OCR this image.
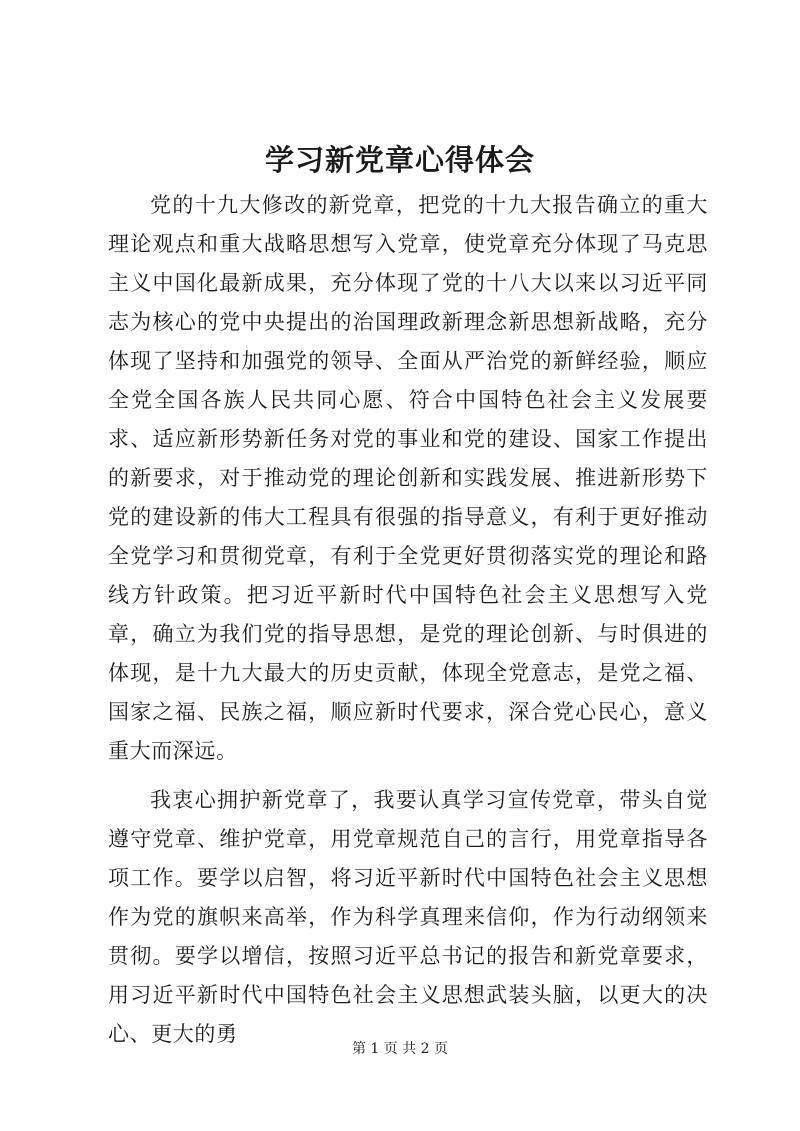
学习新党章心得体会

党的十九大修改的新党章，把党的十九大报告确立的重大理论观点和重大战略思想写入党章，使党章充分体现了马克思主义中国化最新成果，充分体现了党的十八大以来以习近平同志为核心的党中央提出的治国理政新理念新思想新战略，充分体现了坚持和加强党的领导、全面从严治党的新鲜经验，顺应全党全国各族人民共同心愿、符合中国特色社会主义发展要求、适应新形势新任务对党的事业和党的建设、国家工作提出的新要求，对于推动党的理论创新和实践发展、推进新形势下党的建设新的伟大工程具有很强的指导意义，有利于更好推动全党学习和贯彻党章，有利于全党更好贯彻落实党的理论和路线方针政策。把习近平新时代中国特色社会主义思想写入党章，确立为我们党的指导思想，是党的理论创新、与时俱进的体现，是十九大最大的历史贡献，体现全党意志，是党之福、国家之福、民族之福，顺应新时代要求，深合党心民心，意义重大而深远。

我衷心拥护新党章了，我要认真学习宣传党章，带头自觉遵守党章、维护党章，用党章规范自己的言行，用党章指导各项工作。要学以启智，将习近平新时代中国特色社会主义思想作为党的旗帜来高举，作为科学真理来信仰，作为行动纲领来贯彻。要学以增信，按照习近平总书记的报告和新党章要求，用习近平新时代中国特色社会主义思想武装头脑，以更大的决心、更大的勇

第 1 页 共 2 页
